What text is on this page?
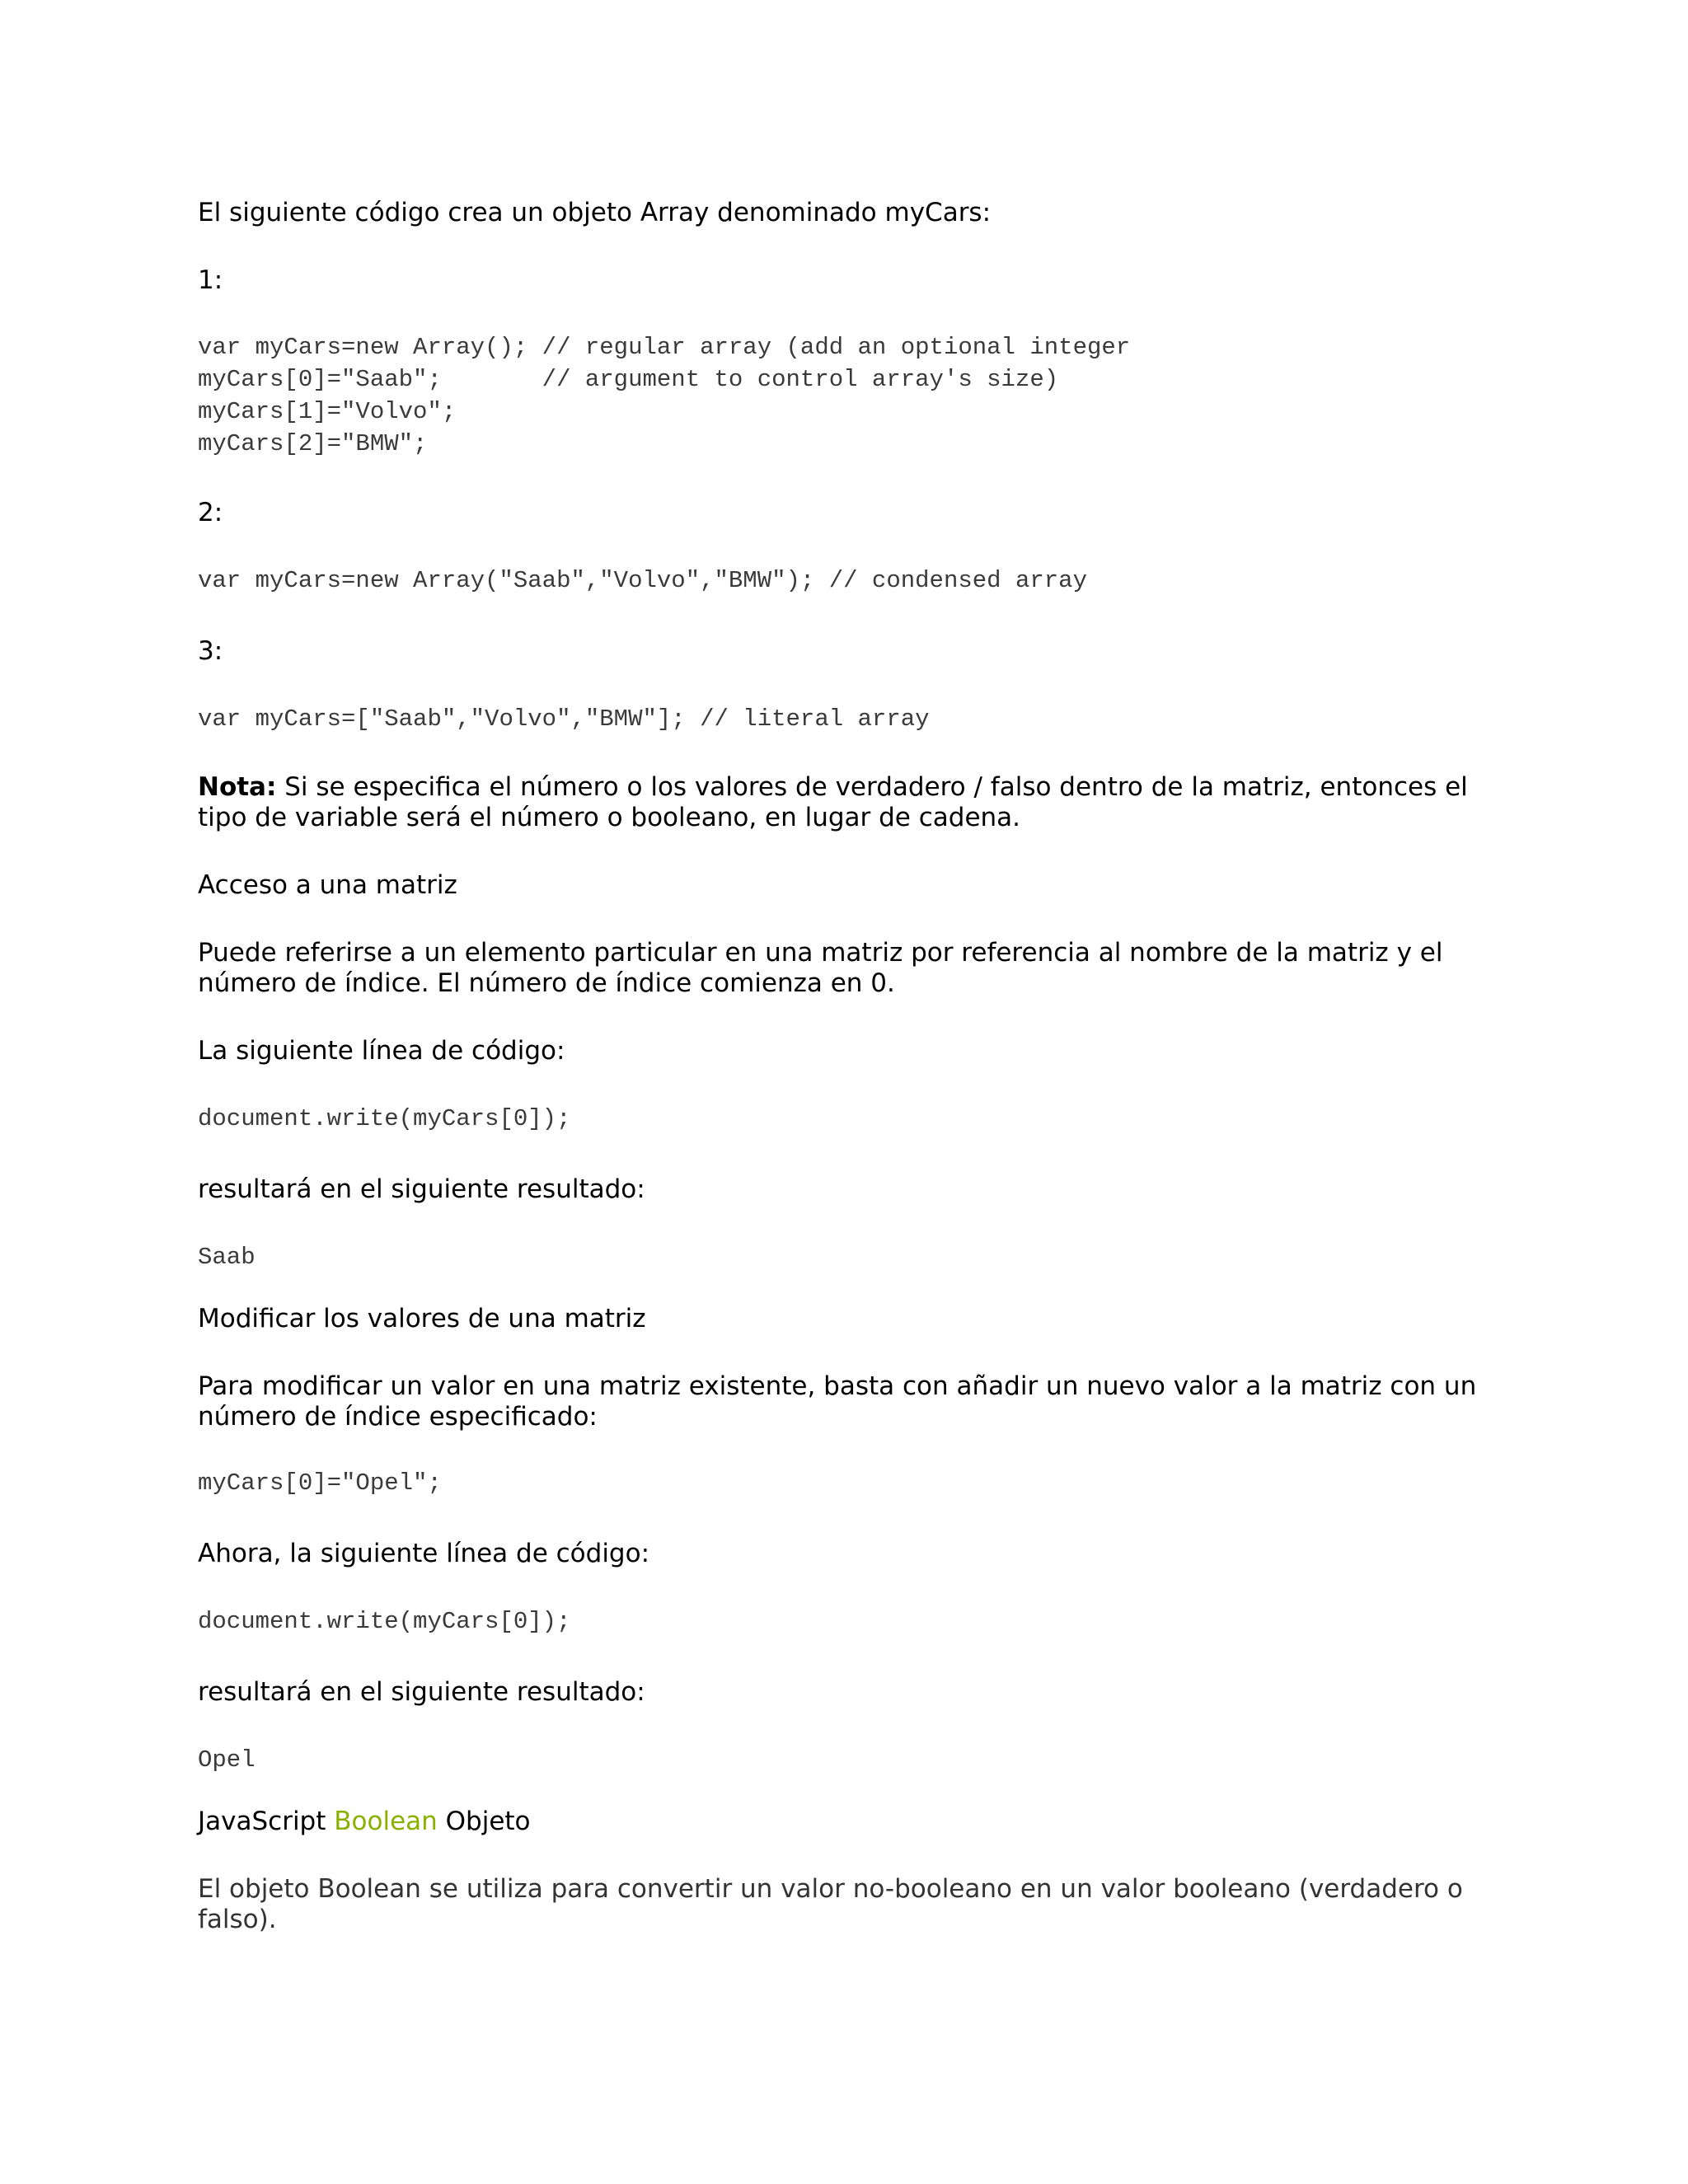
El siguiente código crea un objeto Array denominado myCars:

1:

var myCars=new Array(); // regular array (add an optional integer
myCars[0]="Saab";       // argument to control array's size)
myCars[1]="Volvo";
myCars[2]="BMW";

2:

var myCars=new Array("Saab","Volvo","BMW"); // condensed array

3:

var myCars=["Saab","Volvo","BMW"]; // literal array

Nota: Si se especifica el número o los valores de verdadero / falso dentro de la matriz, entonces el tipo de variable será el número o booleano, en lugar de cadena.

Acceso a una matriz

Puede referirse a un elemento particular en una matriz por referencia al nombre de la matriz y el número de índice. El número de índice comienza en 0.

La siguiente línea de código:

document.write(myCars[0]);

resultará en el siguiente resultado:

Saab

Modificar los valores de una matriz

Para modificar un valor en una matriz existente, basta con añadir un nuevo valor a la matriz con un número de índice especificado:

myCars[0]="Opel";

Ahora, la siguiente línea de código:

document.write(myCars[0]);

resultará en el siguiente resultado:

Opel

JavaScript Boolean Objeto

El objeto Boolean se utiliza para convertir un valor no-booleano en un valor booleano (verdadero o falso).
